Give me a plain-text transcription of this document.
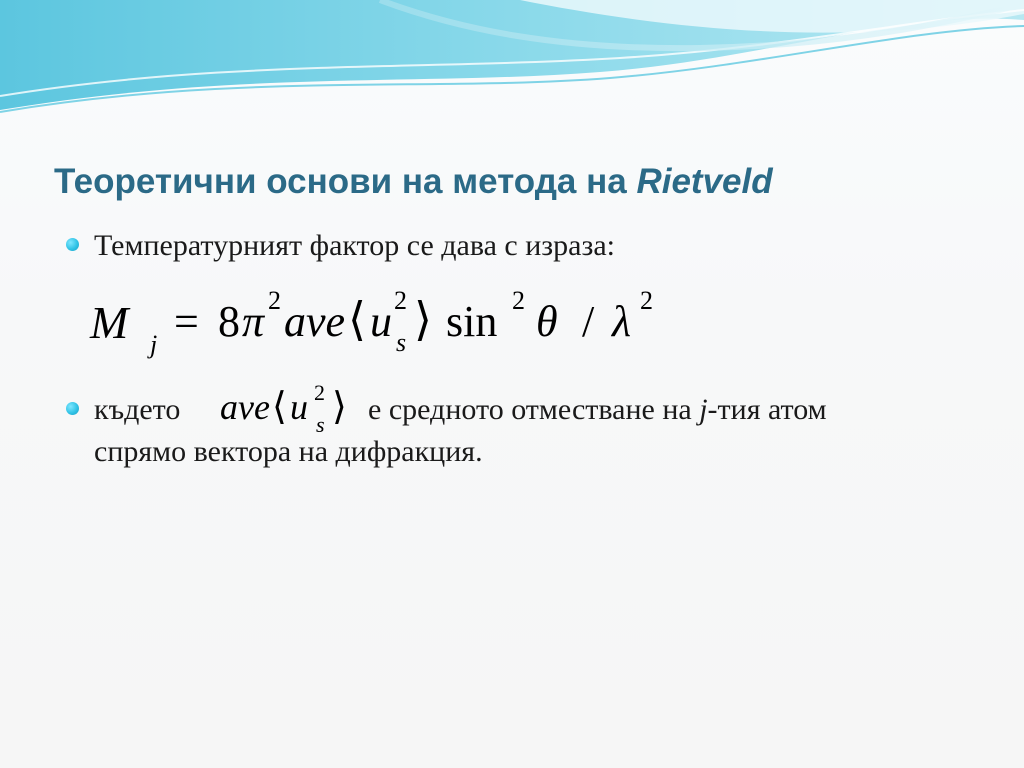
Теоретични основи на метода на Rietveld
Температурният фактор се дава с израза:
M j = 8 π 2 ave ⟨ u 2
s ⟩ sin 2 θ / λ 2
където ave ⟨ u 2
s ⟩ е средното отместване на j-тия атом
спрямо вектора на дифракция.
